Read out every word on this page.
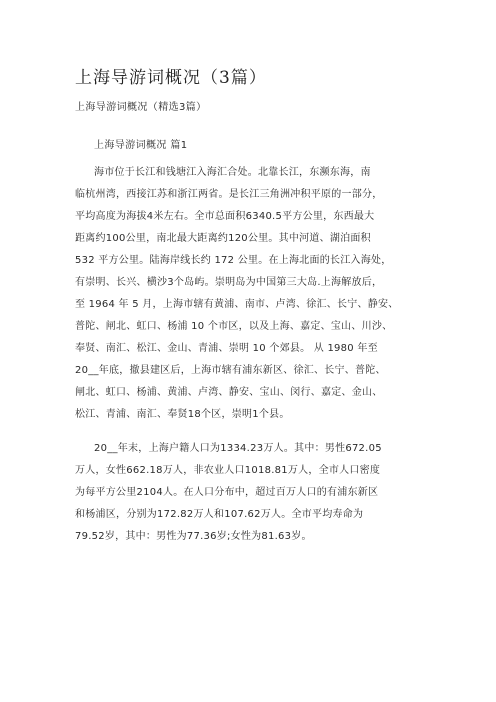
上海导游词概况（3篇）
上海导游词概况（精选3篇）
上海导游词概况 篇1
海市位于长江和钱塘江入海汇合处。北靠长江，东濒东海，南
临杭州湾，西接江苏和浙江两省。是长江三角洲冲积平原的一部分，
平均高度为海拔4米左右。全市总面积6340.5平方公里，东西最大
距离约100公里，南北最大距离约120公里。其中河道、湖泊面积
532 平方公里。陆海岸线长约 172 公里。在上海北面的长江入海处，
有崇明、长兴、横沙3个岛屿。崇明岛为中国第三大岛.上海解放后，
至 1964 年 5 月，上海市辖有黄浦、南市、卢湾、徐汇、长宁、静安、
普陀、闸北、虹口、杨浦 10 个市区，以及上海、嘉定、宝山、川沙、
奉贤、南汇、松江、金山、青浦、崇明 10 个郊县。 从 1980 年至
20__年底，撤县建区后，上海市辖有浦东新区、徐汇、长宁、普陀、
闸北、虹口、杨浦、黄浦、卢湾、静安、宝山、闵行、嘉定、金山、
松江、青浦、南汇、奉贤18个区，崇明1个县。
20__年末，上海户籍人口为1334.23万人。其中：男性672.05
万人，女性662.18万人，非农业人口1018.81万人，全市人口密度
为每平方公里2104人。在人口分布中，超过百万人口的有浦东新区
和杨浦区，分别为172.82万人和107.62万人。全市平均寿命为
79.52岁，其中：男性为77.36岁;女性为81.63岁。
